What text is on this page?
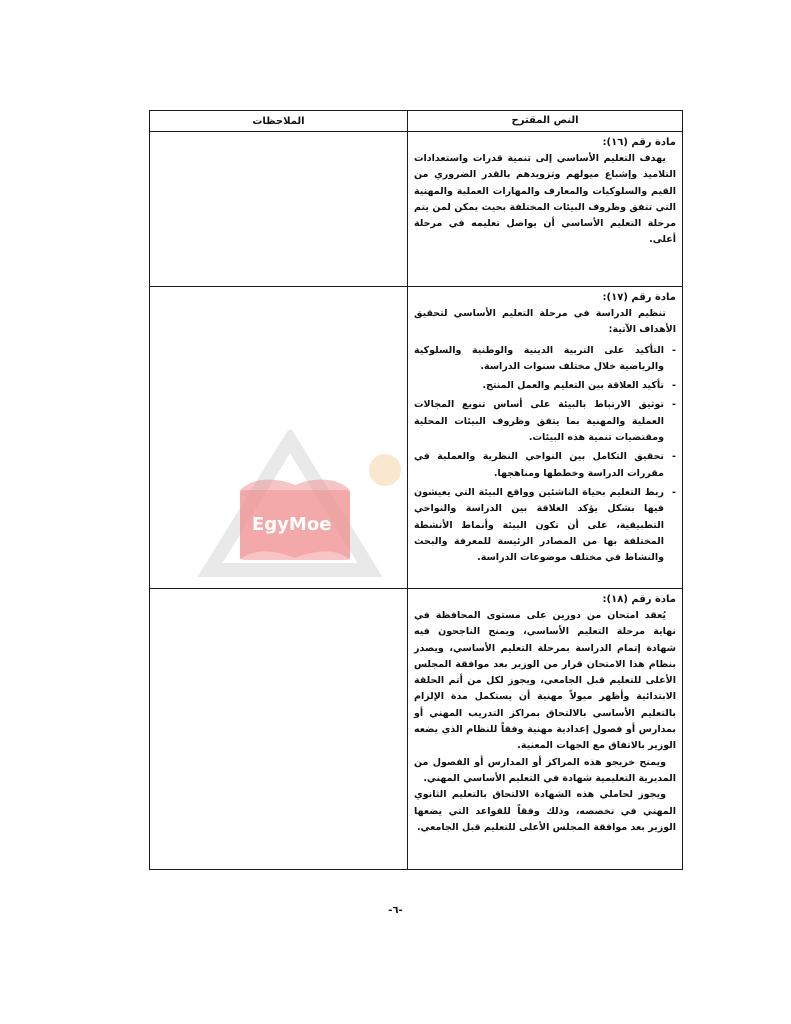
النص المقترح
الملاحظات
مادة رقم (١٦):

يهدف التعليم الأساسي إلى تنمية قدرات واستعدادات التلاميذ وإشباع ميولهم وتزويدهم بالقدر الضروري من القيم والسلوكيات والمعارف والمهارات العملية والمهنية التي تتفق وظروف البيئات المختلفة بحيث يمكن لمن يتم مرحلة التعليم الأساسي أن يواصل تعليمه في مرحلة أعلى.

مادة رقم (١٧):

تنظيم الدراسة في مرحلة التعليم الأساسي لتحقيق الأهداف الآتية:

-
التأكيد على التربية الدينية والوطنية والسلوكية والرياضية خلال مختلف سنوات الدراسة.
-
تأكيد العلاقة بين التعليم والعمل المنتج.
-
توثيق الارتباط بالبيئة على أساس تنويع المجالات العملية والمهنية بما يتفق وظروف البيئات المحلية ومقتضيات تنمية هذه البيئات.
-
تحقيق التكامل بين النواحي النظرية والعملية في مقررات الدراسة وخططها ومناهجها.
-
ربط التعليم بحياة الناشئين وواقع البيئة التي يعيشون فيها بشكل يؤكد العلاقة بين الدراسة والنواحي التطبيقية، على أن تكون البيئة وأنماط الأنشطة المختلفة بها من المصادر الرئيسة للمعرفة والبحث والنشاط في مختلف موضوعات الدراسة.
مادة رقم (١٨):

يُعقد امتحان من دورين على مستوى المحافظة في نهاية مرحلة التعليم الأساسي، ويمنح الناجحون فيه شهادة إتمام الدراسة بمرحلة التعليم الأساسي، ويصدر بنظام هذا الامتحان قرار من الوزير بعد موافقة المجلس الأعلى للتعليم قبل الجامعي، ويجوز لكل من أتم الحلقة الابتدائية وأظهر ميولاً مهنية أن يستكمل مدة الإلزام بالتعليم الأساسي بالالتحاق بمراكز التدريب المهني أو بمدارس أو فصول إعدادية مهنية وفقاً للنظام الذي يضعه الوزير بالاتفاق مع الجهات المعنية.

ويمنح خريجو هذه المراكز أو المدارس أو الفصول من المديرية التعليمية شهادة في التعليم الأساسي المهني.

ويجوز لحاملي هذه الشهادة الالتحاق بالتعليم الثانوي المهني في تخصصه، وذلك وفقاً للقواعد التي يضعها الوزير بعد موافقة المجلس الأعلى للتعليم قبل الجامعي.

EgyMoe
-٦-
